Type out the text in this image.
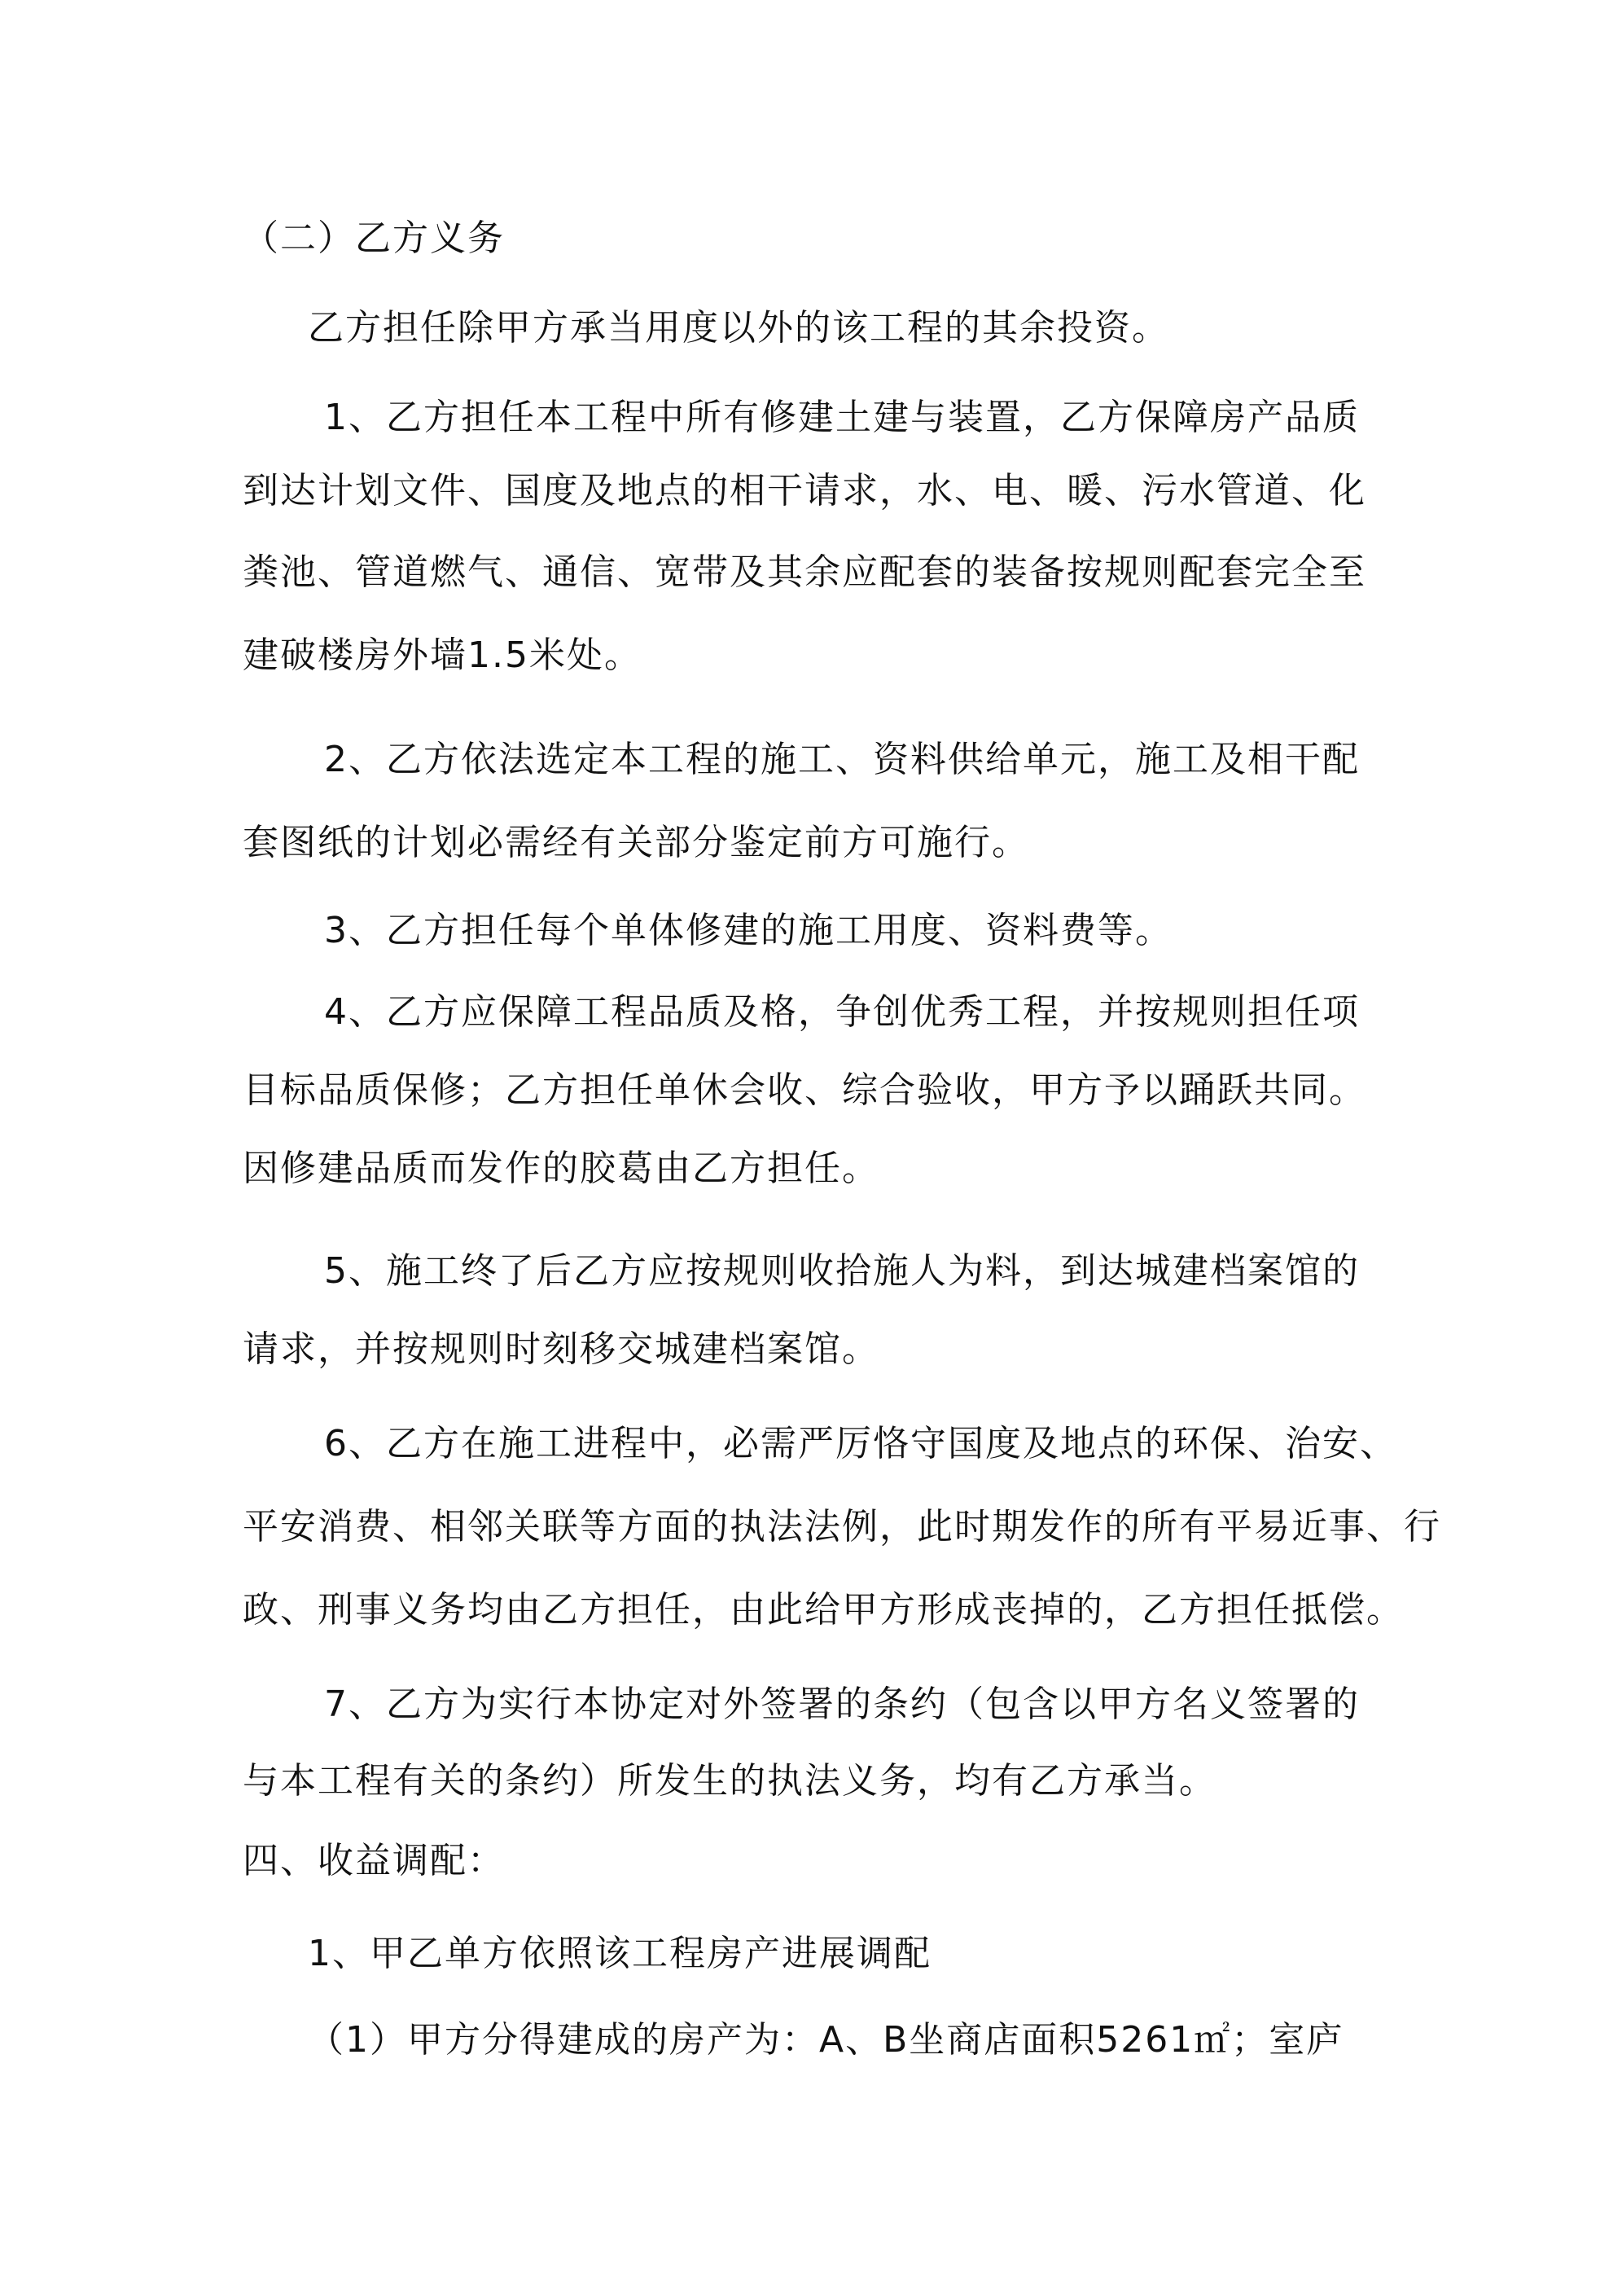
（二）乙方义务
乙方担任除甲方承当用度以外的该工程的其余投资。
1、乙方担任本工程中所有修建土建与装置，乙方保障房产品质
到达计划文件、国度及地点的相干请求，水、电、暖、污水管道、化
粪池、管道燃气、通信、宽带及其余应配套的装备按规则配套完全至
建破楼房外墙1.5米处。
2、乙方依法选定本工程的施工、资料供给单元，施工及相干配
套图纸的计划必需经有关部分鉴定前方可施行。
3、乙方担任每个单体修建的施工用度、资料费等。
4、乙方应保障工程品质及格，争创优秀工程，并按规则担任项
目标品质保修；乙方担任单休会收、综合验收，甲方予以踊跃共同。
因修建品质而发作的胶葛由乙方担任。
5、施工终了后乙方应按规则收拾施人为料，到达城建档案馆的
请求，并按规则时刻移交城建档案馆。
6、乙方在施工进程中，必需严厉恪守国度及地点的环保、治安、
平安消费、相邻关联等方面的执法法例，此时期发作的所有平易近事、行
政、刑事义务均由乙方担任，由此给甲方形成丧掉的，乙方担任抵偿。
7、乙方为实行本协定对外签署的条约（包含以甲方名义签署的
与本工程有关的条约）所发生的执法义务，均有乙方承当。
四、收益调配：
1、甲乙单方依照该工程房产进展调配
（1）甲方分得建成的房产为：A、B坐商店面积5261㎡；室庐
